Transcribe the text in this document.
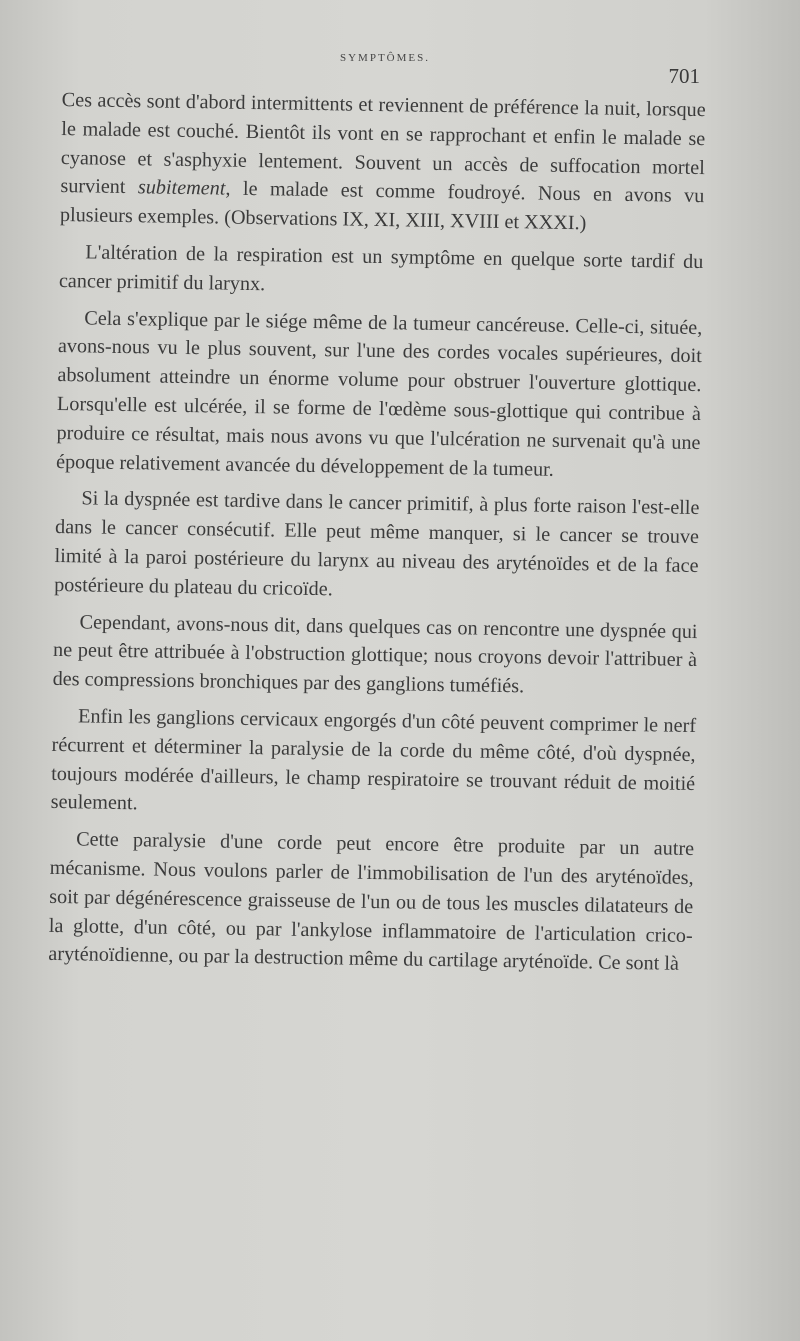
SYMPTÔMES.
701

Ces accès sont d'abord intermittents et reviennent de préférence la nuit, lorsque le malade est couché. Bientôt ils vont en se rapprochant et enfin le malade se cyanose et s'asphyxie lentement. Souvent un accès de suffocation mortel survient subitement, le malade est comme foudroyé. Nous en avons vu plusieurs exemples. (Observations IX, XI, XIII, XVIII et XXXI.)

L'altération de la respiration est un symptôme en quelque sorte tardif du cancer primitif du larynx.

Cela s'explique par le siége même de la tumeur cancéreuse. Celle-ci, située, avons-nous vu le plus souvent, sur l'une des cordes vocales supérieures, doit absolument atteindre un énorme volume pour obstruer l'ouverture glottique. Lorsqu'elle est ulcérée, il se forme de l'œdème sous-glottique qui contribue à produire ce résultat, mais nous avons vu que l'ulcération ne survenait qu'à une époque relativement avancée du développement de la tumeur.

Si la dyspnée est tardive dans le cancer primitif, à plus forte raison l'est-elle dans le cancer consécutif. Elle peut même manquer, si le cancer se trouve limité à la paroi postérieure du larynx au niveau des aryténoïdes et de la face postérieure du plateau du cricoïde.

Cependant, avons-nous dit, dans quelques cas on rencontre une dyspnée qui ne peut être attribuée à l'obstruction glottique; nous croyons devoir l'attribuer à des compressions bronchiques par des ganglions tuméfiés.

Enfin les ganglions cervicaux engorgés d'un côté peuvent comprimer le nerf récurrent et déterminer la paralysie de la corde du même côté, d'où dyspnée, toujours modérée d'ailleurs, le champ respiratoire se trouvant réduit de moitié seulement.

Cette paralysie d'une corde peut encore être produite par un autre mécanisme. Nous voulons parler de l'immobilisation de l'un des aryténoïdes, soit par dégénérescence graisseuse de l'un ou de tous les muscles dilatateurs de la glotte, d'un côté, ou par l'ankylose inflammatoire de l'articulation crico-aryténoïdienne, ou par la destruction même du cartilage aryténoïde. Ce sont là
